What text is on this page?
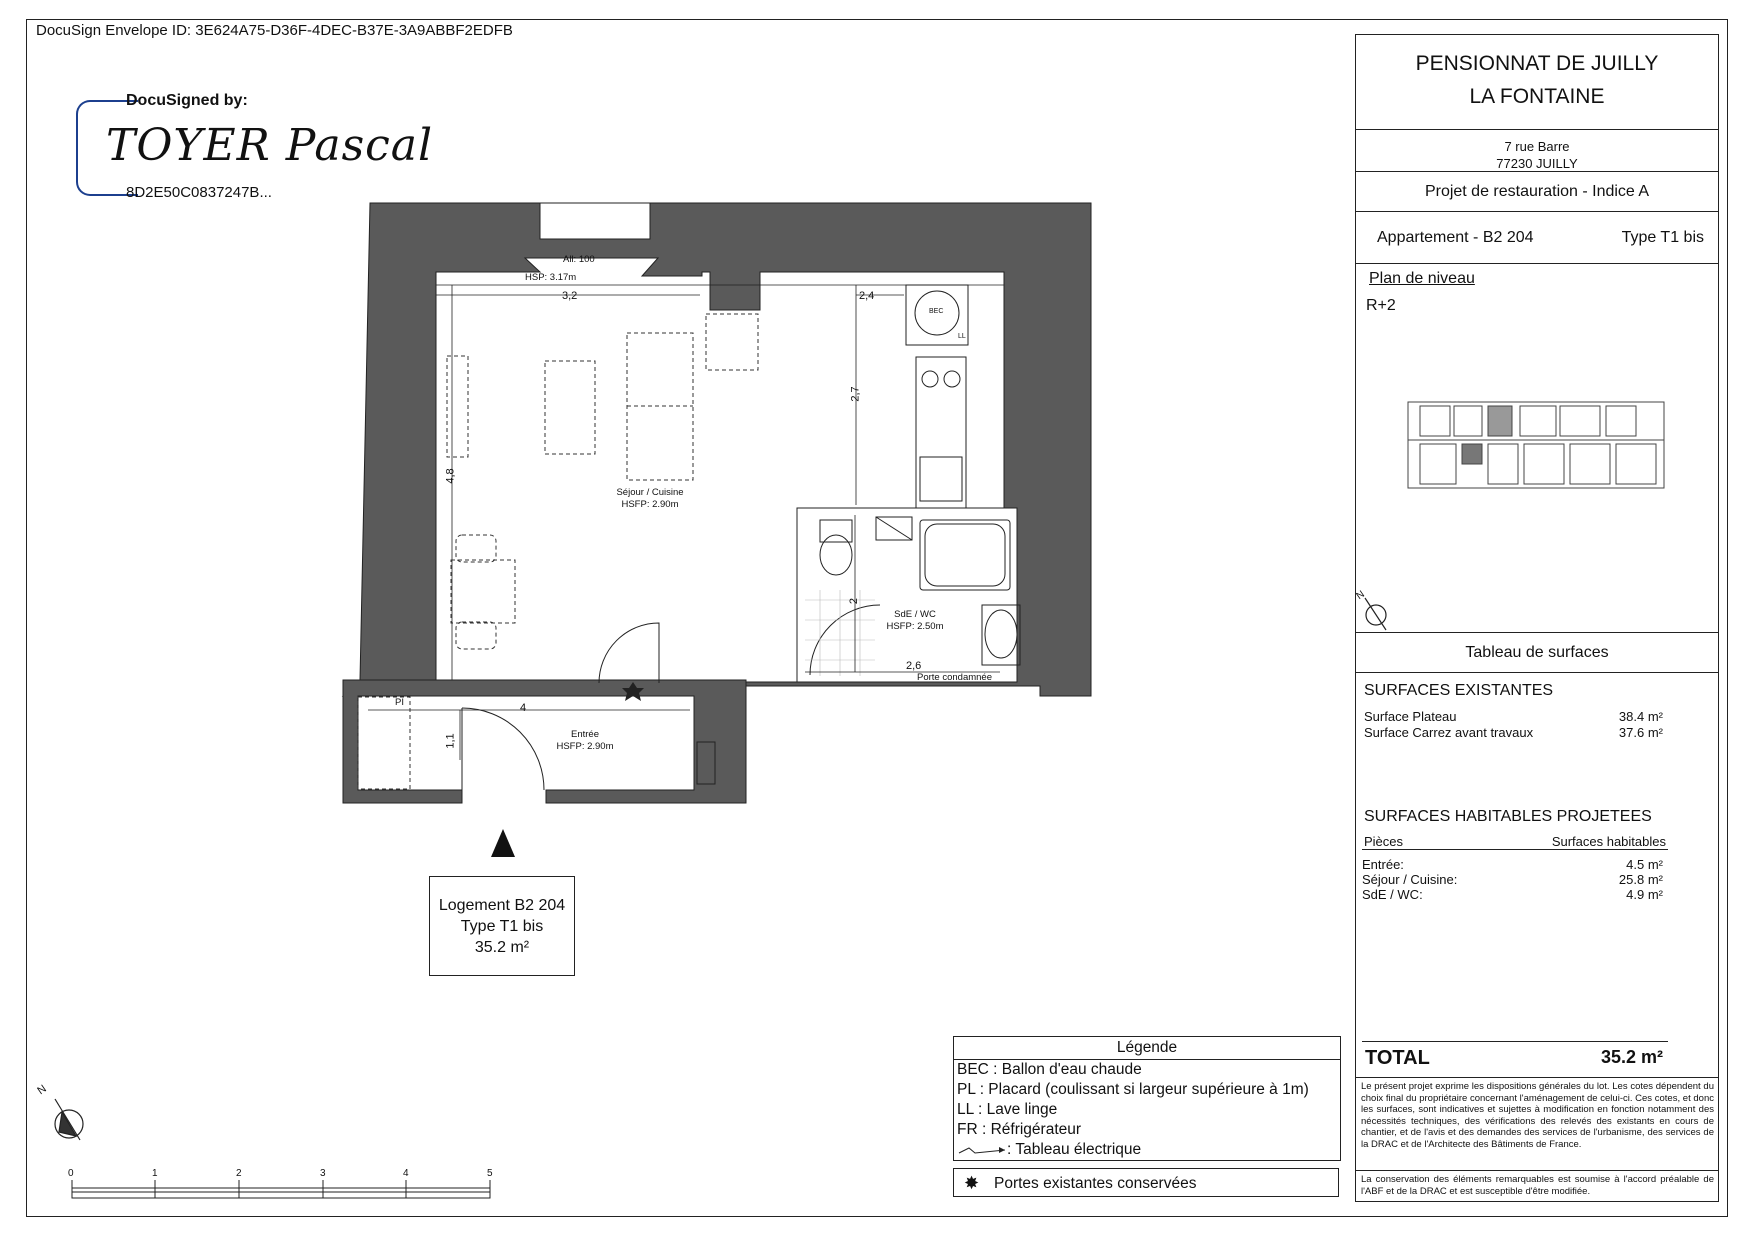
DocuSign Envelope ID: 3E624A75-D36F-4DEC-B37E-3A9ABBF2EDFB
DocuSigned by:
TOYER Pascal
8D2E50C0837247B...
All: 100
HSP: 3.17m
3,2	2,4
2,7
4,8
2
2,6
4
1,1
PI
BEC
LL
Séjour / Cuisine
HSFP: 2.90m
SdE / WC
HSFP: 2.50m
Porte condamnée
Entrée
HSFP: 2.90m
Logement B2 204
Type T1 bis
35.2 m²
N
N
0	1	2	3	4	5
Légende
BEC : Ballon d'eau chaude
PL : Placard (coulissant si largeur supérieure à 1m)
LL : Lave linge
FR : Réfrigérateur
: Tableau électrique
✸ Portes existantes conservées
PENSIONNAT DE JUILLY
LA FONTAINE
7 rue Barre
77230 JUILLY
Projet de restauration - Indice A
Appartement - B2 204	Type T1 bis
Plan de niveau
R+2
Tableau de surfaces
SURFACES EXISTANTES
Surface Plateau	38.4 m²
Surface Carrez avant travaux	37.6 m²
SURFACES HABITABLES PROJETEES
Pièces	Surfaces habitables
Entrée:	4.5 m²
Séjour / Cuisine:	25.8 m²
SdE / WC:	4.9 m²
TOTAL	35.2 m²
Le présent projet exprime les dispositions générales du lot. Les cotes dépendent du choix final du propriétaire concernant l'aménagement de celui-ci. Ces cotes, et donc les surfaces, sont indicatives et sujettes à modification en fonction notamment des nécessités techniques, des vérifications des relevés des existants en cours de chantier, et de l'avis et des demandes des services de l'urbanisme, des services de la DRAC et de l'Architecte des Bâtiments de France.
La conservation des éléments remarquables est soumise à l'accord préalable de l'ABF et de la DRAC et est susceptible d'être modifiée.
